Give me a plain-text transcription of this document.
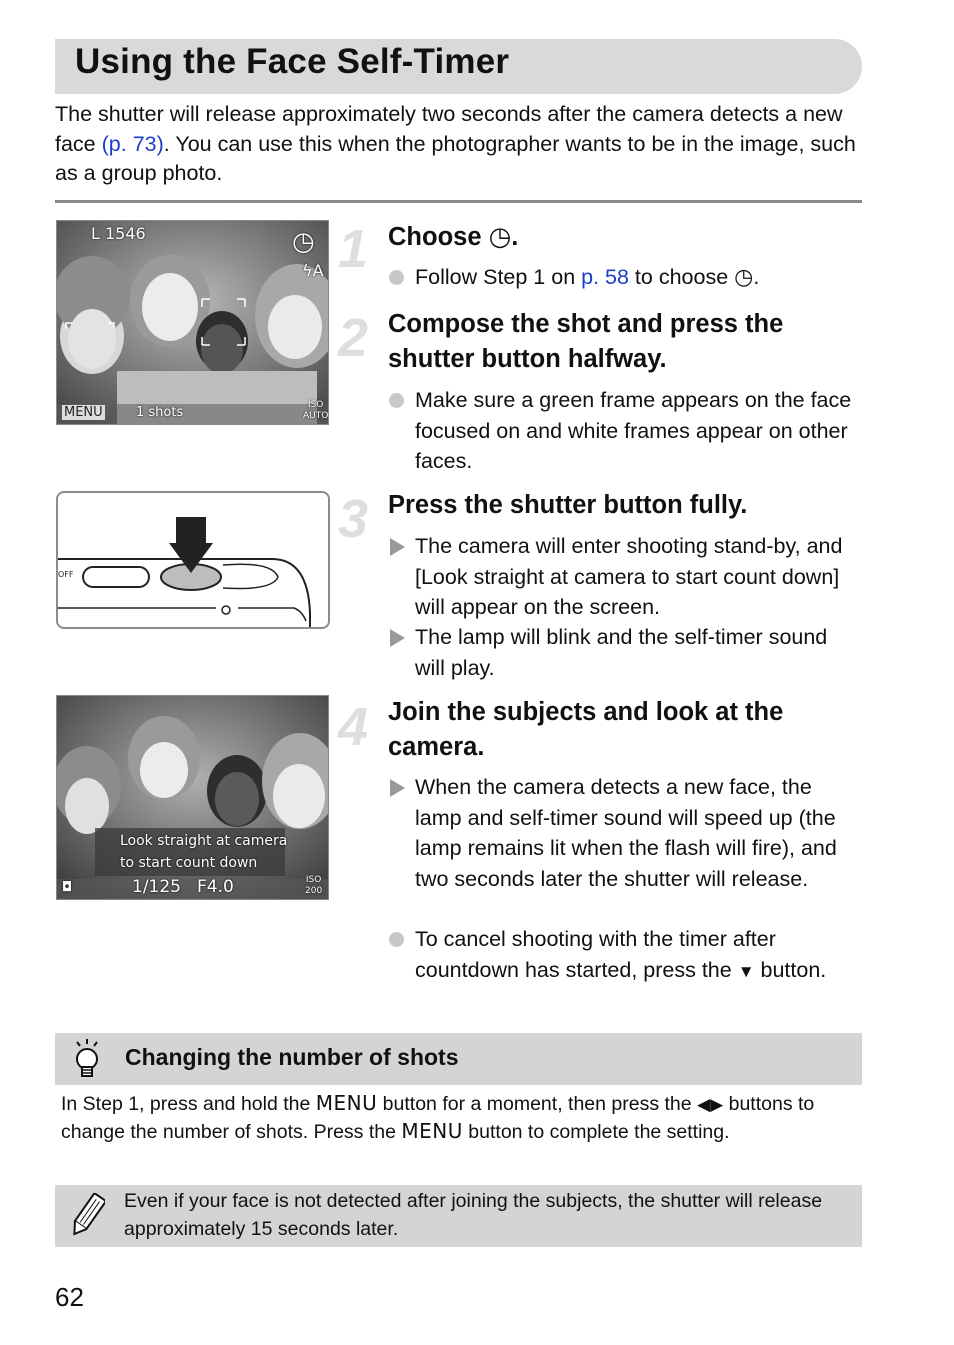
Using the Face Self-Timer
The shutter will release approximately two seconds after the camera detects a new face (p. 73). You can use this when the photographer wants to be in the image, such as a group photo.
L 1546	◷
ϟA
MENU	1 shots	ISO
AUTO
OFF
Look straight at camera
to start count down
◘	1/125 F4.0	ISO
200
1
2
3
4
Choose ◷.
Follow Step 1 on p. 58 to choose ◷.
Compose the shot and press the shutter button halfway.
Make sure a green frame appears on the face focused on and white frames appear on other faces.
Press the shutter button fully.
The camera will enter shooting stand-by, and [Look straight at camera to start count down] will appear on the screen.
The lamp will blink and the self-timer sound will play.
Join the subjects and look at the camera.
When the camera detects a new face, the lamp and self-timer sound will speed up (the lamp remains lit when the flash will fire), and two seconds later the shutter will release.
To cancel shooting with the timer after countdown has started, press the ▼ button.
Changing the number of shots
In Step 1, press and hold the MENU button for a moment, then press the ◀▶ buttons to change the number of shots. Press the MENU button to complete the setting.
Even if your face is not detected after joining the subjects, the shutter will release approximately 15 seconds later.
62
